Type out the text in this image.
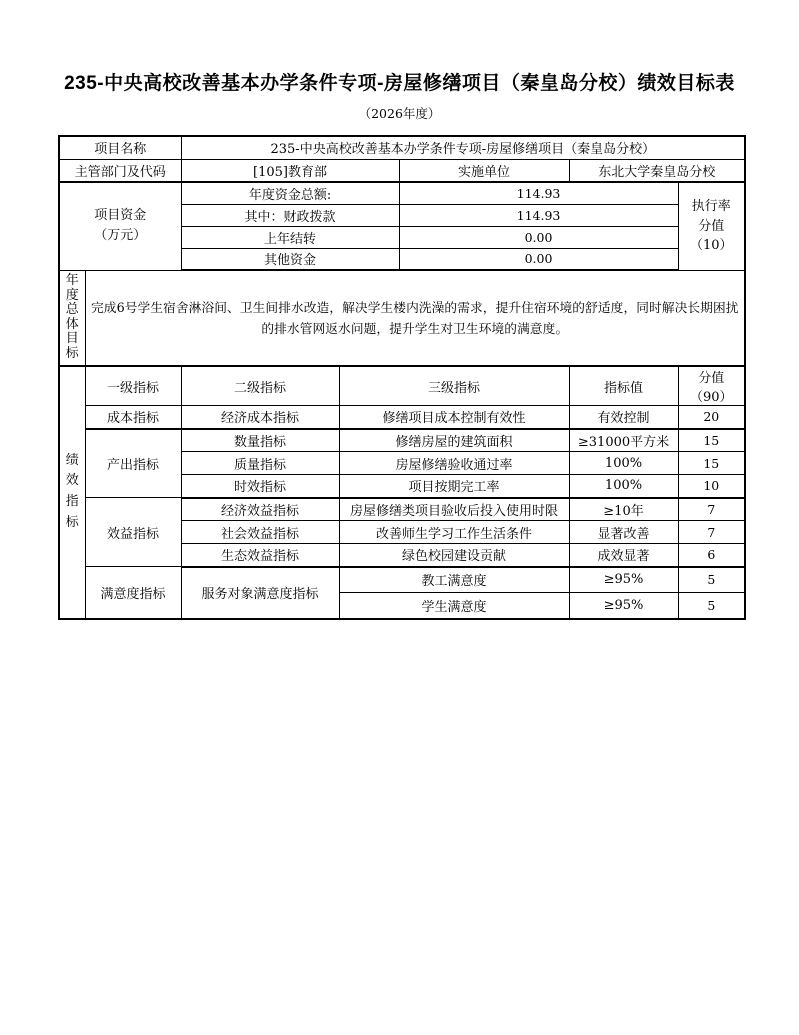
235-中央高校改善基本办学条件专项-房屋修缮项目（秦皇岛分校）绩效目标表
（2026年度）
项目名称		235-中央高校改善基本办学条件专项-房屋修缮项目（秦皇岛分校）				
主管部门及代码		[105]教育部		实施单位	东北大学秦皇岛分校	

项目资金
（万元）
	年度资金总额:	114.93	
执行率
分值
（10）

		其中：财政拨款		114.93		
		上年结转		0.00		
		其他资金		0.00		

年度总体目标	完成6号学生宿舍淋浴间、卫生间排水改造，解决学生楼内洗澡的需求，提升住宿环境的舒适度，同时解决长期困扰的排水管网返水问题，提升学生对卫生环境的满意度。					

绩效指标	一级指标	二级指标	三级指标		指标值	分值（90）
	成本指标	经济成本指标	修缮项目成本控制有效性		有效控制	20
	产出指标	数量指标	修缮房屋的建筑面积		≥31000平方米	15
		质量指标	房屋修缮验收通过率		100%	15
		时效指标	项目按期完工率		100%	10
	效益指标	经济效益指标	房屋修缮类项目验收后投入使用时限		≥10年	7
		社会效益指标	改善师生学习工作生活条件		显著改善	7
		生态效益指标	绿色校园建设贡献		成效显著	6
	满意度指标	服务对象满意度指标	教工满意度		≥95%	5
			学生满意度		≥95%	5
